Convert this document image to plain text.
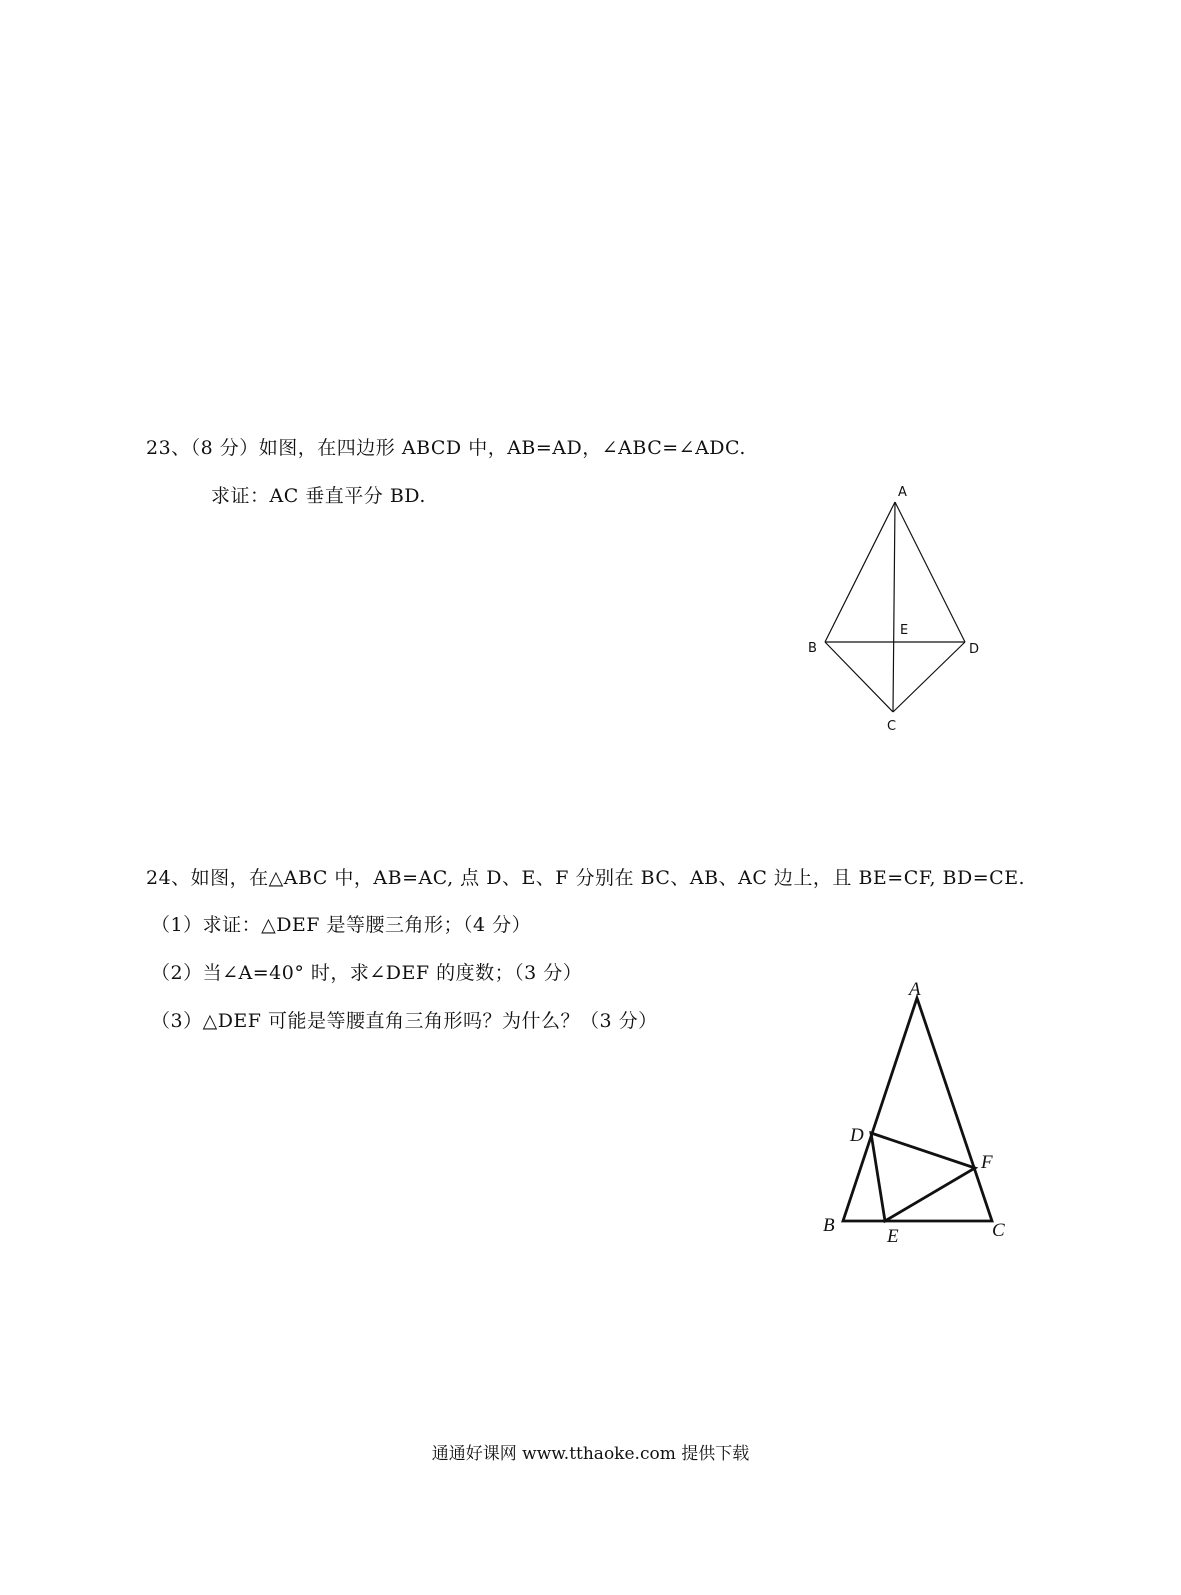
23、（8 分）如图，在四边形 ABCD 中，AB=AD，∠ABC=∠ADC.
求证：AC 垂直平分 BD.	A
B	D
E
C
24、如图，在△ABC 中，AB=AC, 点 D、E、F 分别在 BC、AB、AC 边上，且 BE=CF, BD=CE.
（1）求证：△DEF 是等腰三角形；（4 分）
（2）当∠A=40° 时，求∠DEF 的度数；（3 分）
（3）△DEF 可能是等腰直角三角形吗？为什么？（3 分）
A
D
F
B
E	C
通通好课网 www.tthaoke.com 提供下载
